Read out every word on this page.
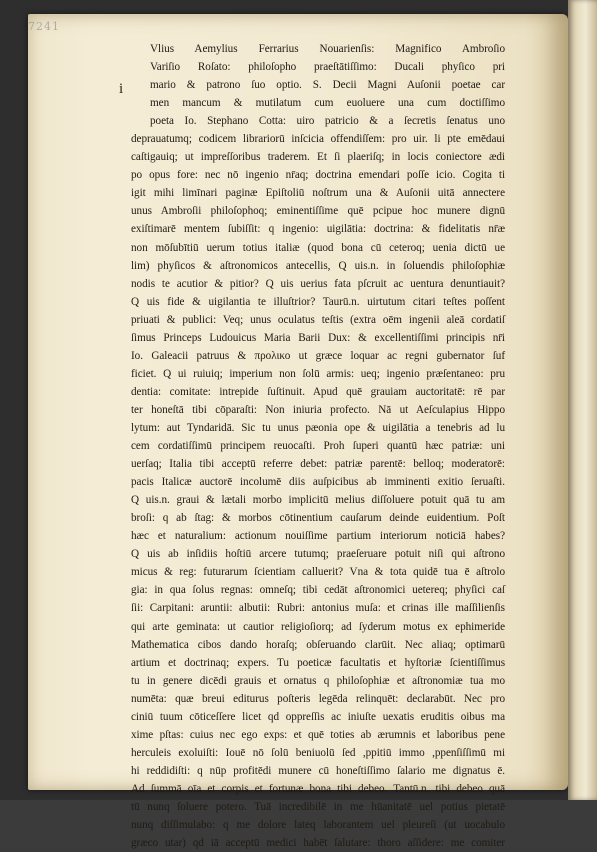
7241
i
Vlius Aemylius Ferrarius Nouarienſis: Magnifico Ambroſio
Variſio Roſato: philoſopho praeſtātiſſimo: Ducali phyſico pri
mario & patrono ſuo optio. S. Decii Magni Auſonii poetae car
men mancum & mutilatum cum euoluere una cum doctiſſimo
poeta Io. Stephano Cotta: uiro patricio & a ſecretis ſenatus uno
deprauatumq; codicem librariorū inſcicia offendiſſem: pro uir. li pte emēdaui
caſtigauiq; ut impreſſoribus traderem. Et ſi plaeriſq; in locis coniectore ædi
po opus fore: nec nō ingenio nr̄aq; doctrina emendari poſſe icio. Cogita ti
igit mihi limīnari paginæ Epiſtoliū noſtrum una & Auſonii uitā annectere
unus Ambroſii philoſophoq; eminentiſſime quē pcipue hoc munere dignū
exiſtimarē mentem ſubiſſit: q ingenio: uigilātia: doctrina: & fidelitatis nr̄æ
non mōſubītiū uerum totius italiæ (quod bona cū ceteroq; uenia dictū ue
lim) phyſicos & aſtronomicos antecellis, Q uis.n. in ſoluendis philoſophiæ
nodis te acutior & pitior? Q uis uerius fata pſcruit ac uentura denuntiauit?
Q uis fide & uigilantia te illuſtrior? Taurū.n. uirtutum citari teſtes poſſent
priuati & publici: Veq; unus oculatus teſtis (extra oēm ingenii aleā cordatiſ
ſimus Princeps Ludouicus Maria Barii Dux: & excellentiſſimi principis nr̄i
Io. Galeacii patruus & προλικο ut græce loquar ac regni gubernator ſuf
ficiet. Q ui ruiuiq; imperium non ſolū armis: ueq; ingenio præſentaneo: pru
dentia: comitate: intrepide ſuſtinuit. Apud quē grauiam auctoritatē: rē par
ter honeſtā tibi cōparaſti: Non iniuria profecto. Nā ut Aeſculapius Hippo
lytum: aut Tyndaridā. Sic tu unus pæonia ope & uigilātia a tenebris ad lu
cem cordatiſſimū principem reuocaſti. Proh ſuperi quantū hæc patriæ: uni
uerſaq; Italia tibi acceptū referre debet: patriæ parentē: belloq; moderatorē:
pacis Italicæ auctorē incolumē diis auſpicibus ab imminenti exitio ſeruaſti.
Q uis.n. graui & lætali morbo implicitū melius diſſoluere potuit quā tu am
broſi: q ab ſtag: & morbos cōtinentium cauſarum deinde euidentium. Poſt
hæc et naturalium: actionum nouiſſime partium interiorum noticiā habes?
Q uis ab inſidiis hoſtiū arcere tutumq; praeſeruare potuit niſi qui aſtrono
micus & reg: futurarum ſcientiam calluerit? Vna & tota quidē tua ē aſtrolo
gia: in qua ſolus regnas: omneſq; tibi cedāt aſtronomici uetereq; phyſici caſ
ſii: Carpitani: aruntii: albutii: Rubri: antonius muſa: et crinas ille maſſilienſis
qui arte geminata: ut cautior religioſiorq; ad ſyderum motus ex ephimeride
Mathematica cibos dando horaſq; obſeruando clarūit. Nec aliaq; optimarū
artium et doctrinaq; expers. Tu poeticæ facultatis et hyſtoriæ ſcientiſſimus
tu in genere dicēdi grauis et ornatus q philoſophiæ et aſtronomiæ tua mo
numēta: quæ breui editurus poſteris legēda relinquēt: declarabūt. Nec pro
ciniū tuum cōticeſſere licet qd oppreſſis ac iniuſte uexatis eruditis oibus ma
xime pſtas: cuius nec ego exps: et quē toties ab ærumnis et laboribus pene
herculeis exoluiſti: Iouē nō ſolū beniuolū ſed ,ppitiū immo ,ppenſiſſimū mi
hi reddidiſti: q nūp profitēdi munere cū honeſtiſſimo ſalario me dignatus ē.
Ad ſummā oīa et corpis et fortunæ bona tibi debeo. Tantū.n. tibi debeo quā
tū nunq ſoluere potero. Tuā incredibilē in me hūanitatē uel potius pietatē
nunq diſſimulabo: q me dolore lateq laborantem uel pleureſi (ut uocabulo
græco utar) qd iā acceptū medici habēt ſalutare: thoro aſſidere: me comiter
